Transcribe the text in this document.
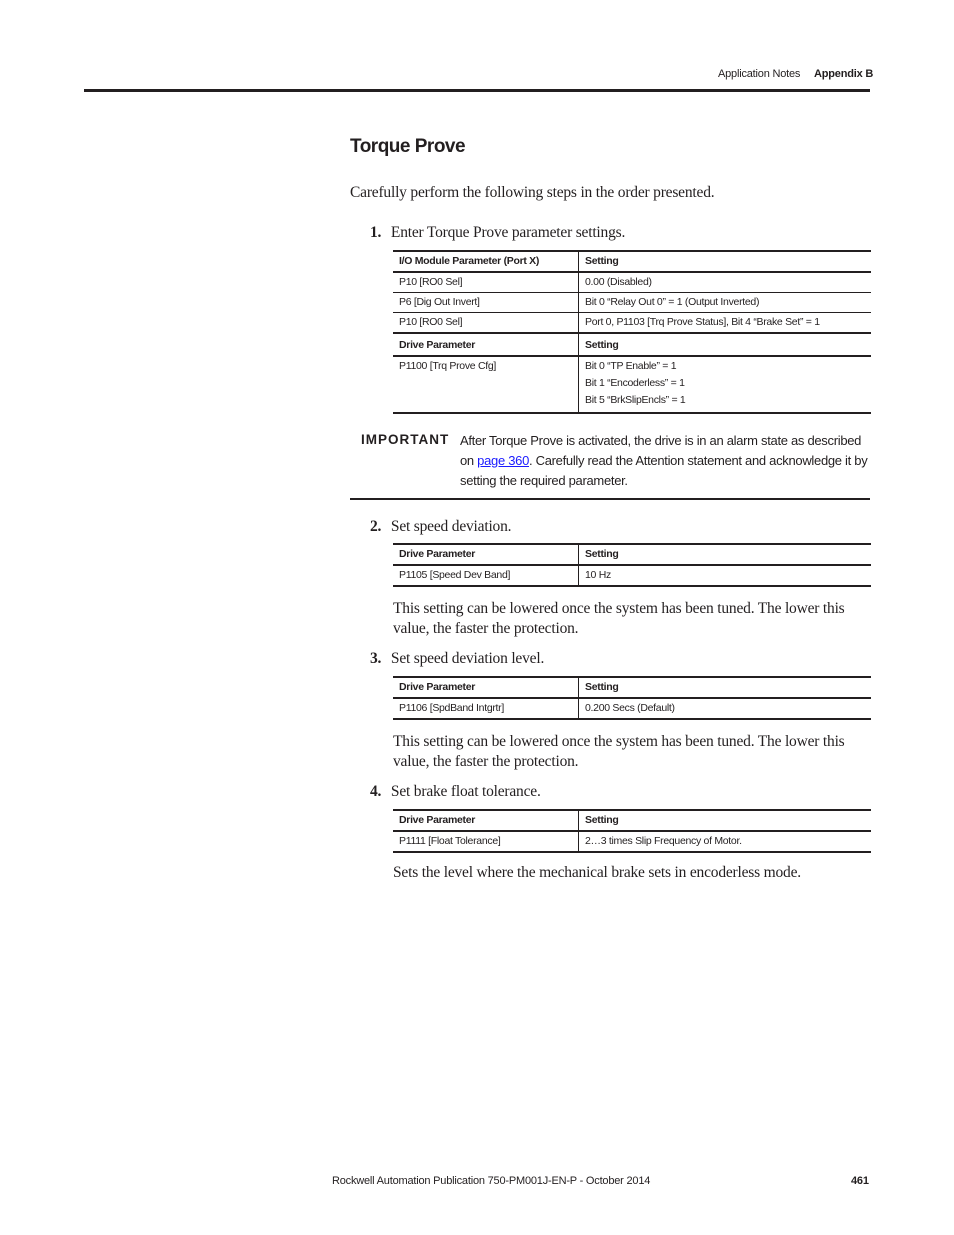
Application Notes Appendix B
Torque Prove
Carefully perform the following steps in the order presented.
1. Enter Torque Prove parameter settings.
I/O Module Parameter (Port X)	Setting
P10 [RO0 Sel]	0.00 (Disabled)
P6 [Dig Out Invert]	Bit 0 “Relay Out 0” = 1 (Output Inverted)
P10 [RO0 Sel]	Port 0, P1103 [Trq Prove Status], Bit 4 “Brake Set” = 1
Drive Parameter	Setting
P1100 [Trq Prove Cfg]	Bit 0 “TP Enable” = 1
Bit 1 “Encoderless” = 1
Bit 5 “BrkSlipEncls” = 1
IMPORTANT After Torque Prove is activated, the drive is in an alarm state as described on page 360. Carefully read the Attention statement and acknowledge it by setting the required parameter.
2. Set speed deviation.
Drive Parameter	Setting
P1105 [Speed Dev Band]	10 Hz
This setting can be lowered once the system has been tuned. The lower this value, the faster the protection.
3. Set speed deviation level.
Drive Parameter	Setting
P1106 [SpdBand Intgrtr]	0.200 Secs (Default)
This setting can be lowered once the system has been tuned. The lower this value, the faster the protection.
4. Set brake float tolerance.
Drive Parameter	Setting
P1111 [Float Tolerance]	2…3 times Slip Frequency of Motor.
Sets the level where the mechanical brake sets in encoderless mode.
Rockwell Automation Publication 750-PM001J-EN-P - October 2014	461
